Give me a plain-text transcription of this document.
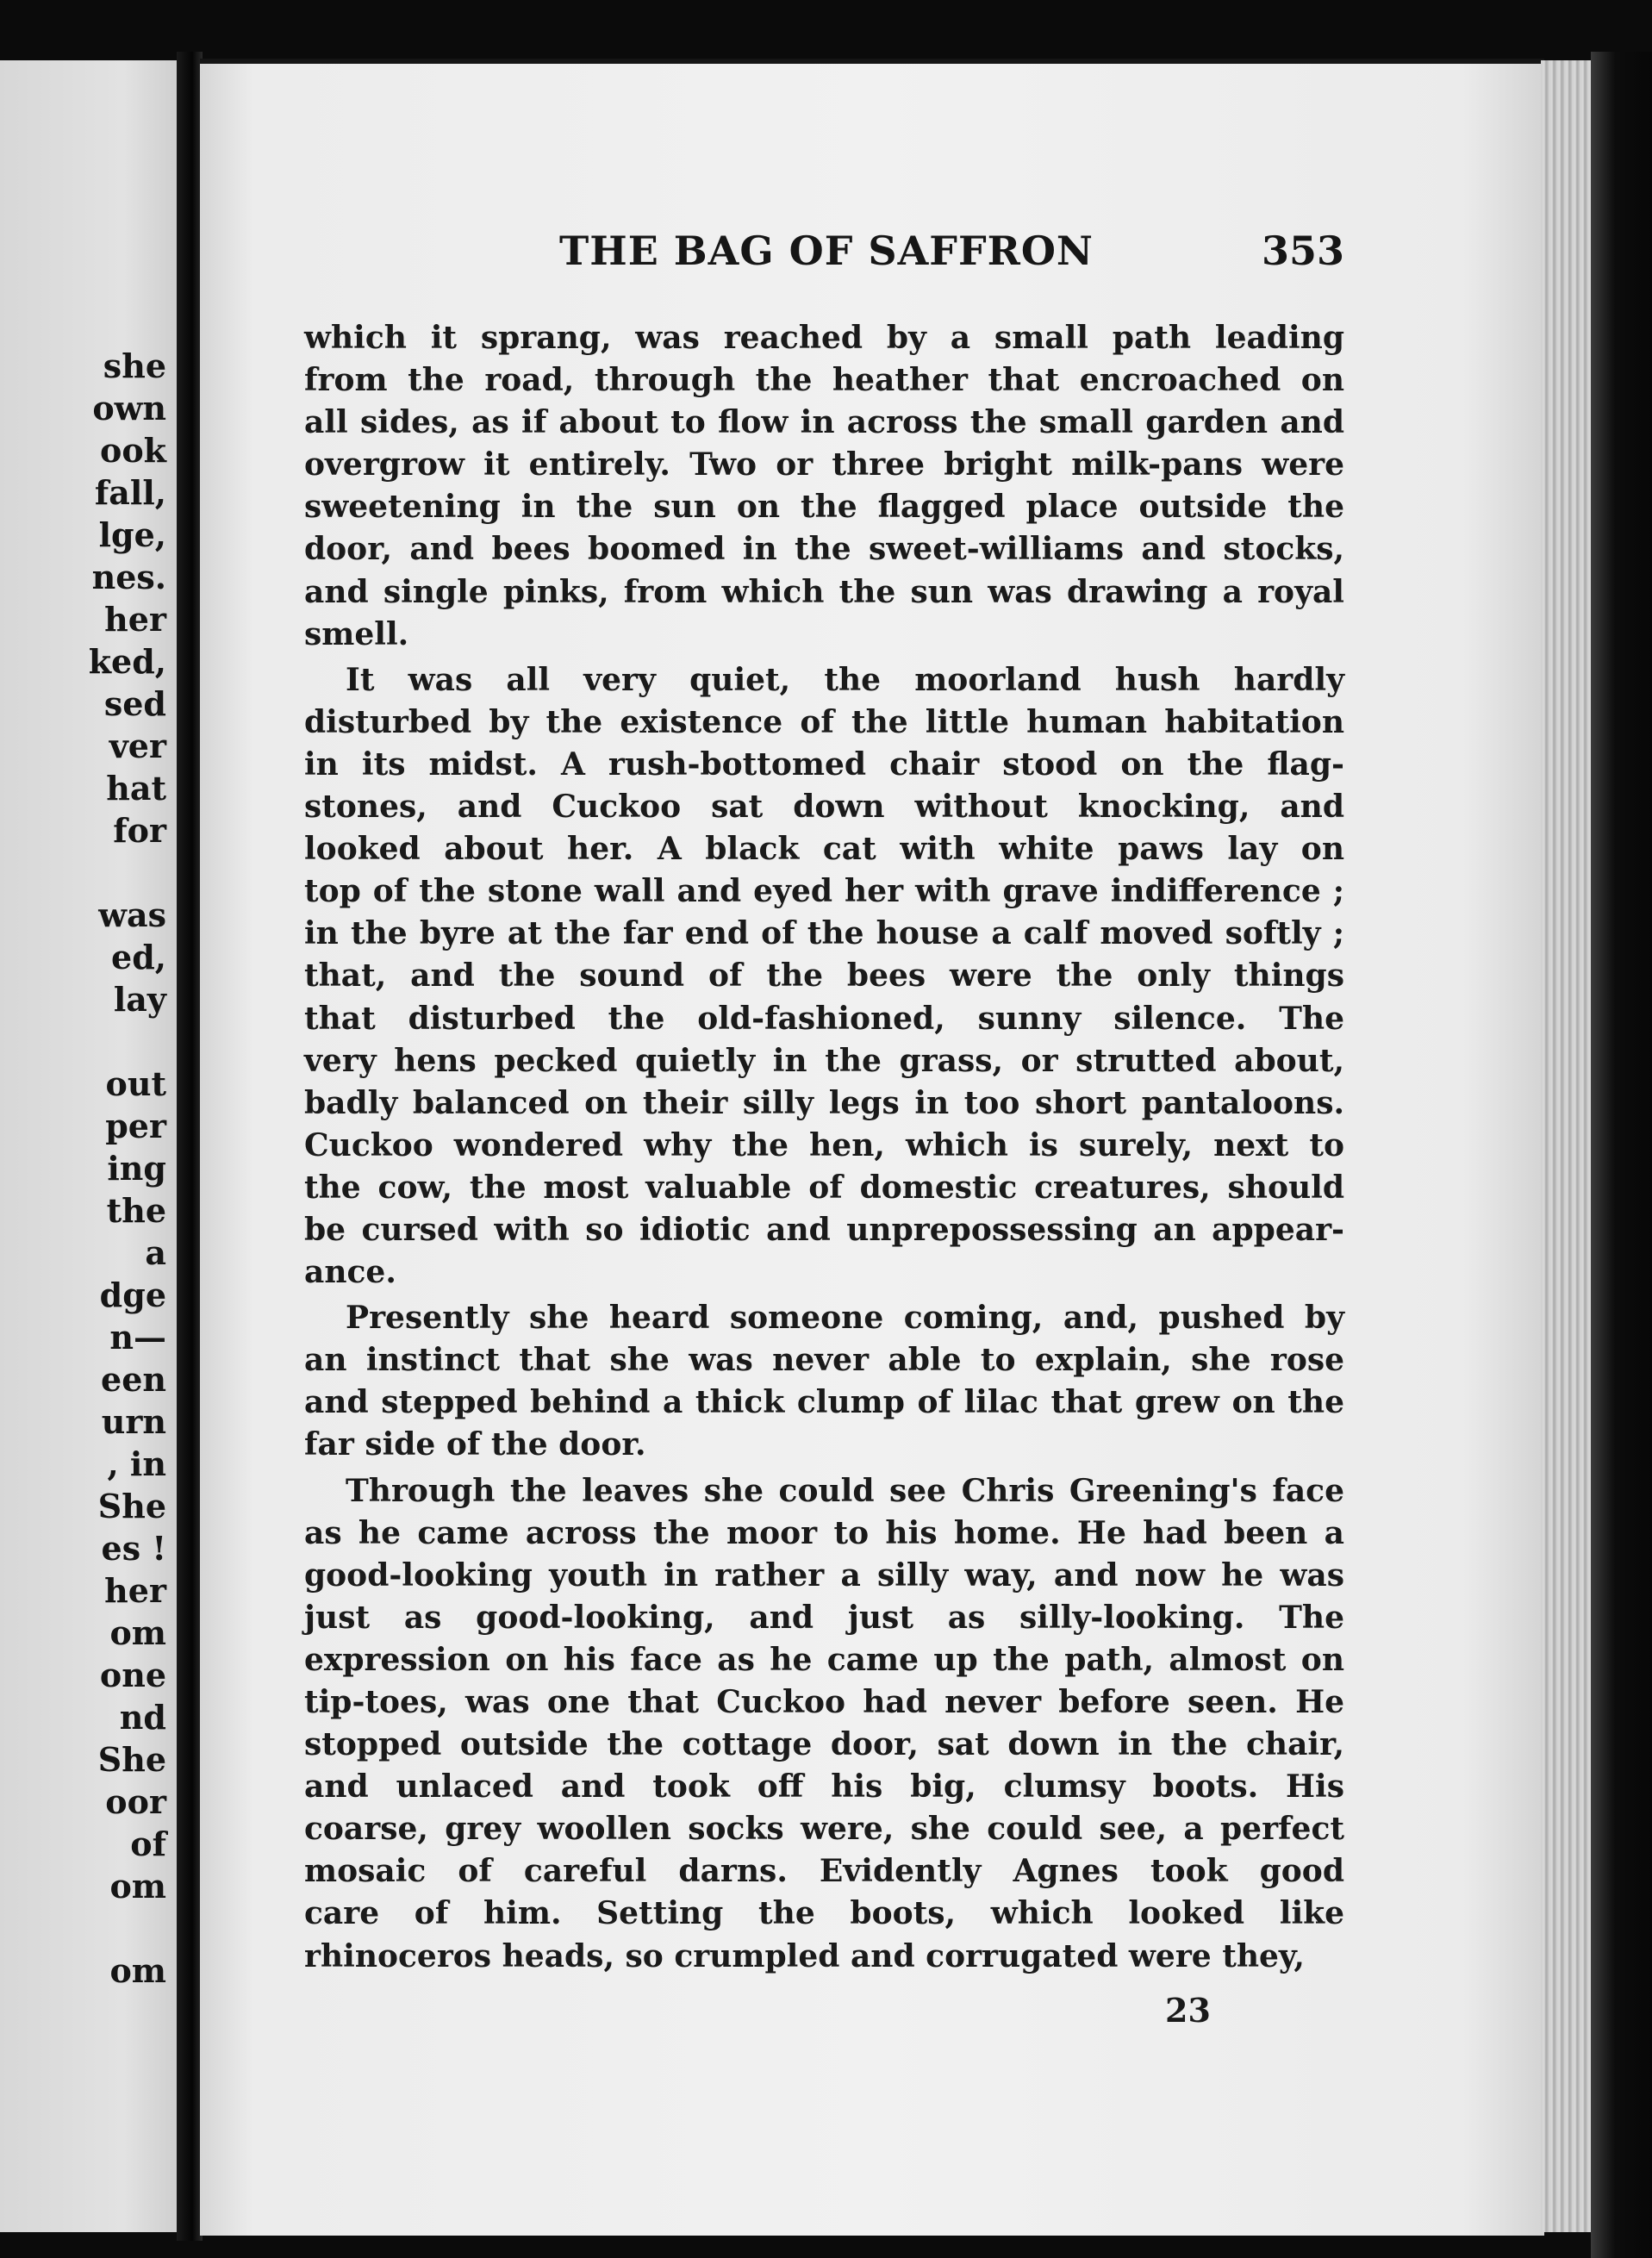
she
own
ook
fall,
lge,
nes.
her
ked,
sed
ver
hat
for
was
ed,
lay
out
per
ing
the
a
dge
n—
een
urn
, in
She
es !
her
om
one
nd
She
oor
of
om
om
THE BAG OF SAFFRON	353
which it sprang, was reached by a small path leading
from the road, through the heather that encroached on
all sides, as if about to flow in across the small garden and
overgrow it entirely. Two or three bright milk-pans were
sweetening in the sun on the flagged place outside the
door, and bees boomed in the sweet-williams and stocks,
and single pinks, from which the sun was drawing a royal
smell.
It was all very quiet, the moorland hush hardly
disturbed by the existence of the little human habitation
in its midst. A rush-bottomed chair stood on the flag-
stones, and Cuckoo sat down without knocking, and
looked about her. A black cat with white paws lay on
top of the stone wall and eyed her with grave indifference ;
in the byre at the far end of the house a calf moved softly ;
that, and the sound of the bees were the only things
that disturbed the old-fashioned, sunny silence. The
very hens pecked quietly in the grass, or strutted about,
badly balanced on their silly legs in too short pantaloons.
Cuckoo wondered why the hen, which is surely, next to
the cow, the most valuable of domestic creatures, should
be cursed with so idiotic and unprepossessing an appear-
ance.
Presently she heard someone coming, and, pushed by
an instinct that she was never able to explain, she rose
and stepped behind a thick clump of lilac that grew on the
far side of the door.
Through the leaves she could see Chris Greening's face
as he came across the moor to his home. He had been a
good-looking youth in rather a silly way, and now he was
just as good-looking, and just as silly-looking. The
expression on his face as he came up the path, almost on
tip-toes, was one that Cuckoo had never before seen. He
stopped outside the cottage door, sat down in the chair,
and unlaced and took off his big, clumsy boots. His
coarse, grey woollen socks were, she could see, a perfect
mosaic of careful darns. Evidently Agnes took good
care of him. Setting the boots, which looked like
rhinoceros heads, so crumpled and corrugated were they,
23
